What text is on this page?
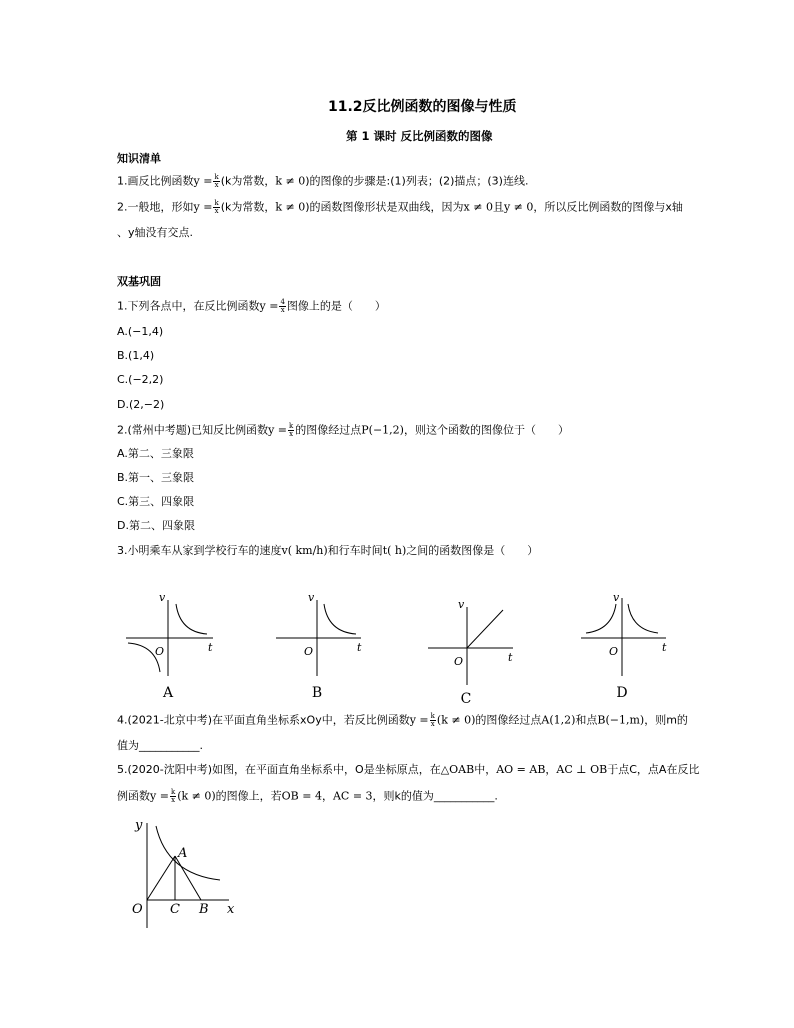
11.2反比例函数的图像与性质
第 1 课时 反比例函数的图像
知识清单
1.画反比例函数$y = \frac{k}{x} (k$为常数，k ≠ 0)的图像的步骤是:(1)列表；(2)描点；(3)连线.
2.一般地，形如$y = \frac{k}{x} (k$为常数，k ≠ 0)的函数图像形状是双曲线，因为x ≠ 0且y ≠ 0，所以反比例函数的图像与x轴
、y轴没有交点.
双基巩固
1.下列各点中，在反比例函数$y = \frac{4}{x}$ 图像上的是（　　）
A.(−1,4)
B.(1,4)
C.(−2,2)
D.(2,−2)
2.(常州中考题)已知反比例函数$y = \frac{k}{x}$ 的图像经过点P(−1,2)，则这个函数的图像位于（　　）
A.第二、三象限
B.第一、三象限
C.第三、四象限
D.第二、四象限
3.小明乘车从家到学校行车的速度v( km/h)和行车时间t( h)之间的函数图像是（　　）
v
t
O
v
t
O
v
t
O
v
t
O
A	B	C	D
4.(2021-北京中考)在平面直角坐标系xOy中，若反比例函数$y = \frac{k}{x} (k \ne 0)$的图像经过点A(1,2)和点B(−1,m)，则m的
值为___________.
5.(2020-沈阳中考)如图，在平面直角坐标系中，O是坐标原点，在△OAB中，AO = AB，AC ⊥ OB于点C，点A在反比
例函数$y = \frac{k}{x} (k \ne 0)$的图像上，若OB = 4，AC = 3，则k的值为___________.
y
x
O
A
C B
